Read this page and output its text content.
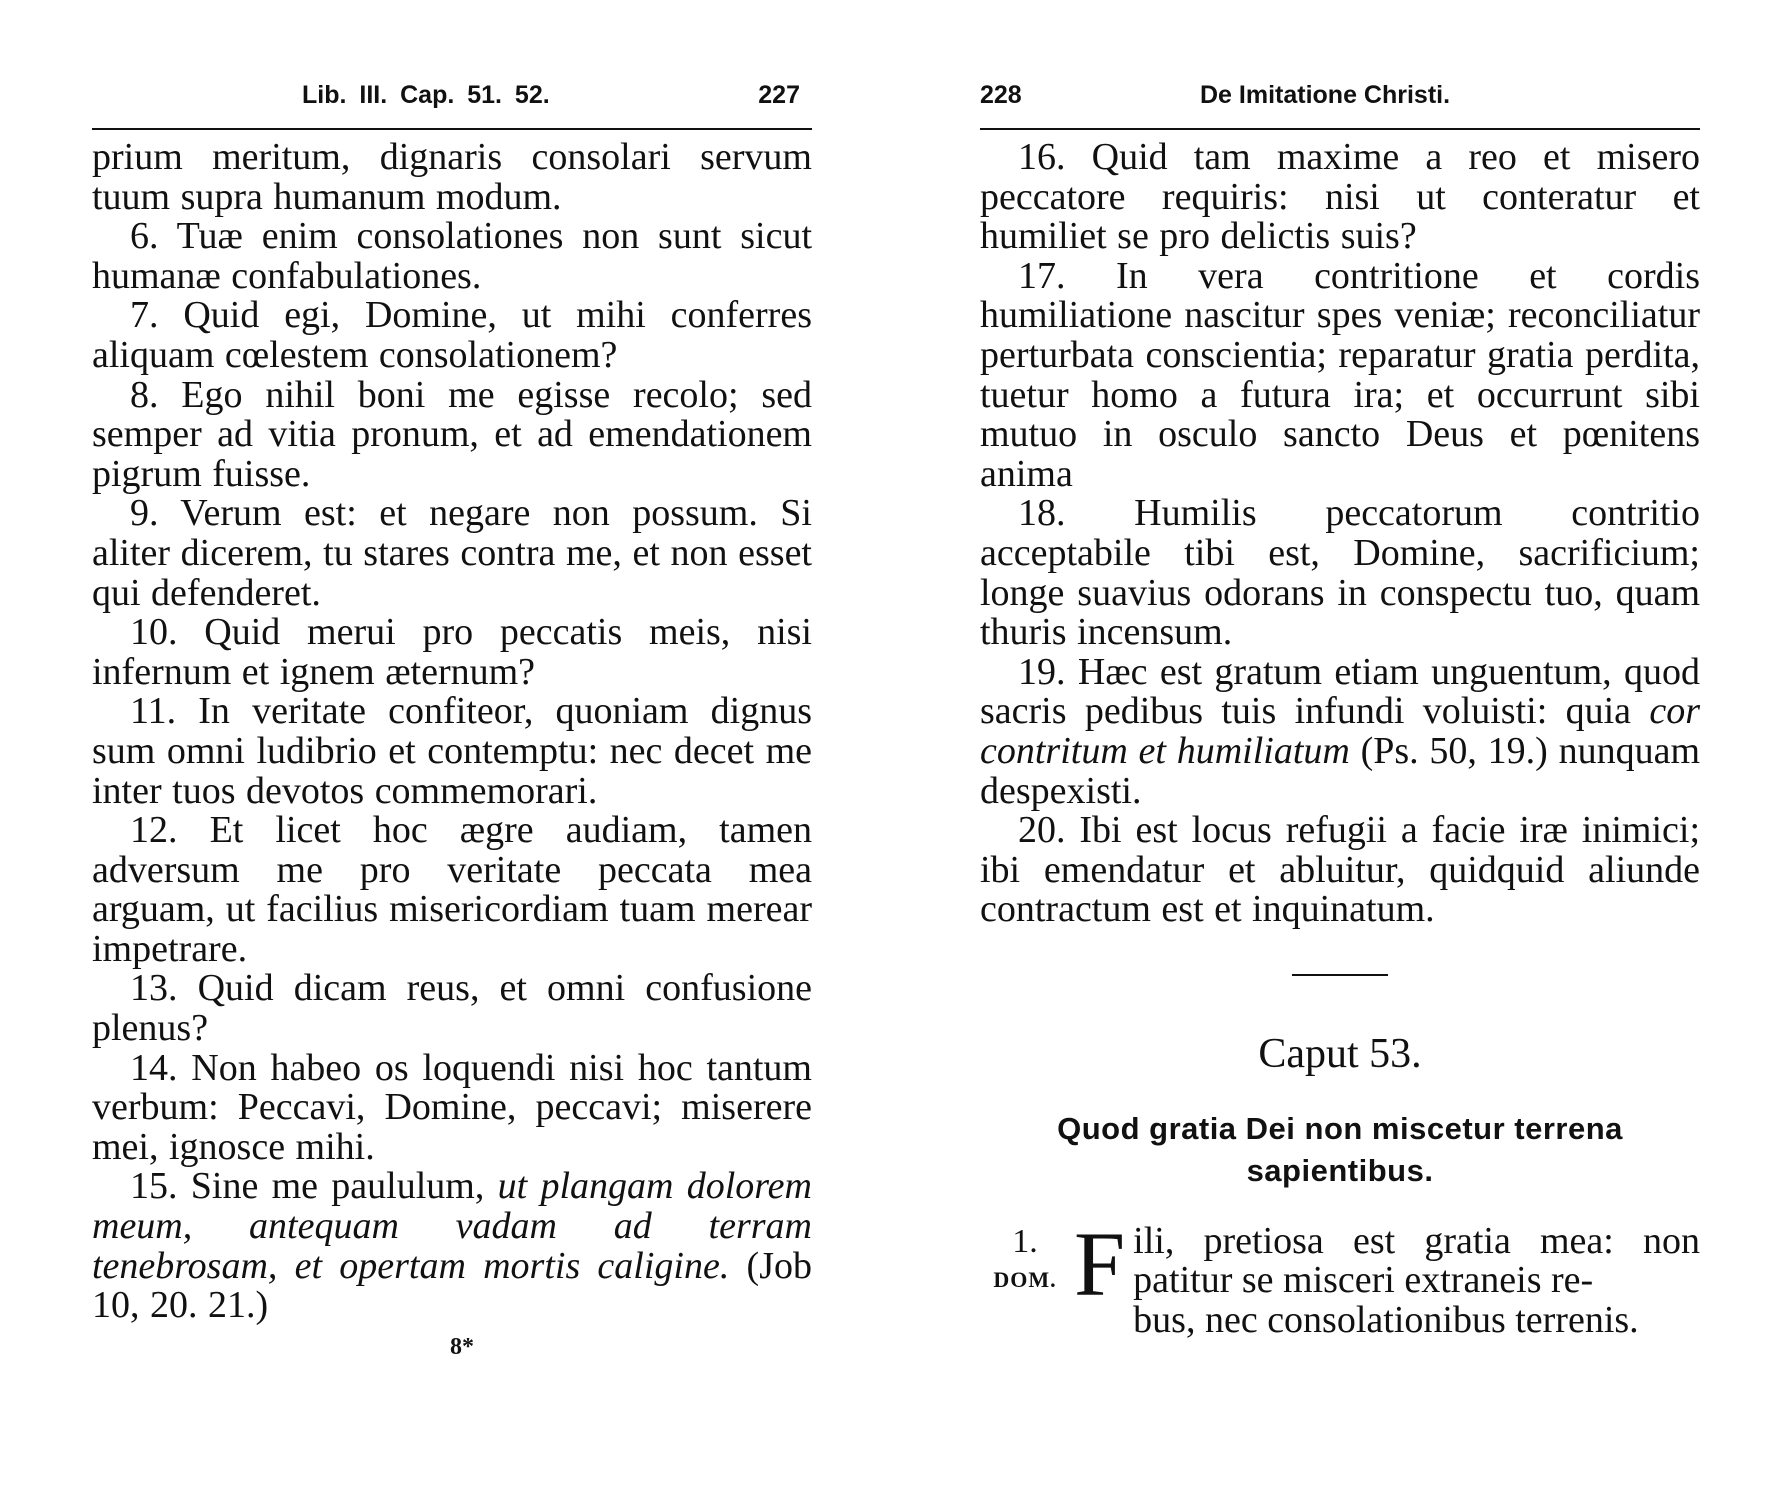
Lib. III. Cap. 51. 52.	227

prium meritum, dignaris consolari servum tuum supra humanum modum.

6. Tuæ enim consolationes non sunt sicut humanæ confabulationes.

7. Quid egi, Domine, ut mihi conferres aliquam cœlestem consolationem?

8. Ego nihil boni me egisse recolo; sed semper ad vitia pronum, et ad emendationem pigrum fuisse.

9. Verum est: et negare non possum. Si aliter dicerem, tu stares contra me, et non esset qui defenderet.

10. Quid merui pro peccatis meis, nisi infernum et ignem æternum?

11. In veritate confiteor, quoniam dignus sum omni ludibrio et contemptu: nec decet me inter tuos devotos commemorari.

12. Et licet hoc ægre audiam, tamen adversum me pro veritate peccata mea arguam, ut facilius misericordiam tuam merear impetrare.

13. Quid dicam reus, et omni confusione plenus?

14. Non habeo os loquendi nisi hoc tantum verbum: Peccavi, Domine, peccavi; miserere mei, ignosce mihi.

15. Sine me paululum, ut plangam dolorem meum, antequam vadam ad terram tenebrosam, et opertam mortis caligine. (Job 10, 20. 21.)

8*
228	De Imitatione Christi.

16. Quid tam maxime a reo et misero peccatore requiris: nisi ut conteratur et humiliet se pro delictis suis?

17. In vera contritione et cordis humiliatione nascitur spes veniæ; reconciliatur perturbata conscientia; reparatur gratia perdita, tuetur homo a futura ira; et occurrunt sibi mutuo in osculo sancto Deus et pœnitens anima

18. Humilis peccatorum contritio acceptabile tibi est, Domine, sacrificium; longe suavius odorans in conspectu tuo, quam thuris incensum.

19. Hæc est gratum etiam unguentum, quod sacris pedibus tuis infundi voluisti: quia cor contritum et humiliatum (Ps. 50, 19.) nunquam despexisti.

20. Ibi est locus refugii a facie iræ inimici; ibi emendatur et abluitur, quidquid aliunde contractum est et inquinatum.

Caput 53.
Quod gratia Dei non miscetur terrena sapientibus.
1.
DOM. Fili, pretiosa est gratia mea: non patitur se misceri extraneis re-
bus, nec consolationibus terrenis.
